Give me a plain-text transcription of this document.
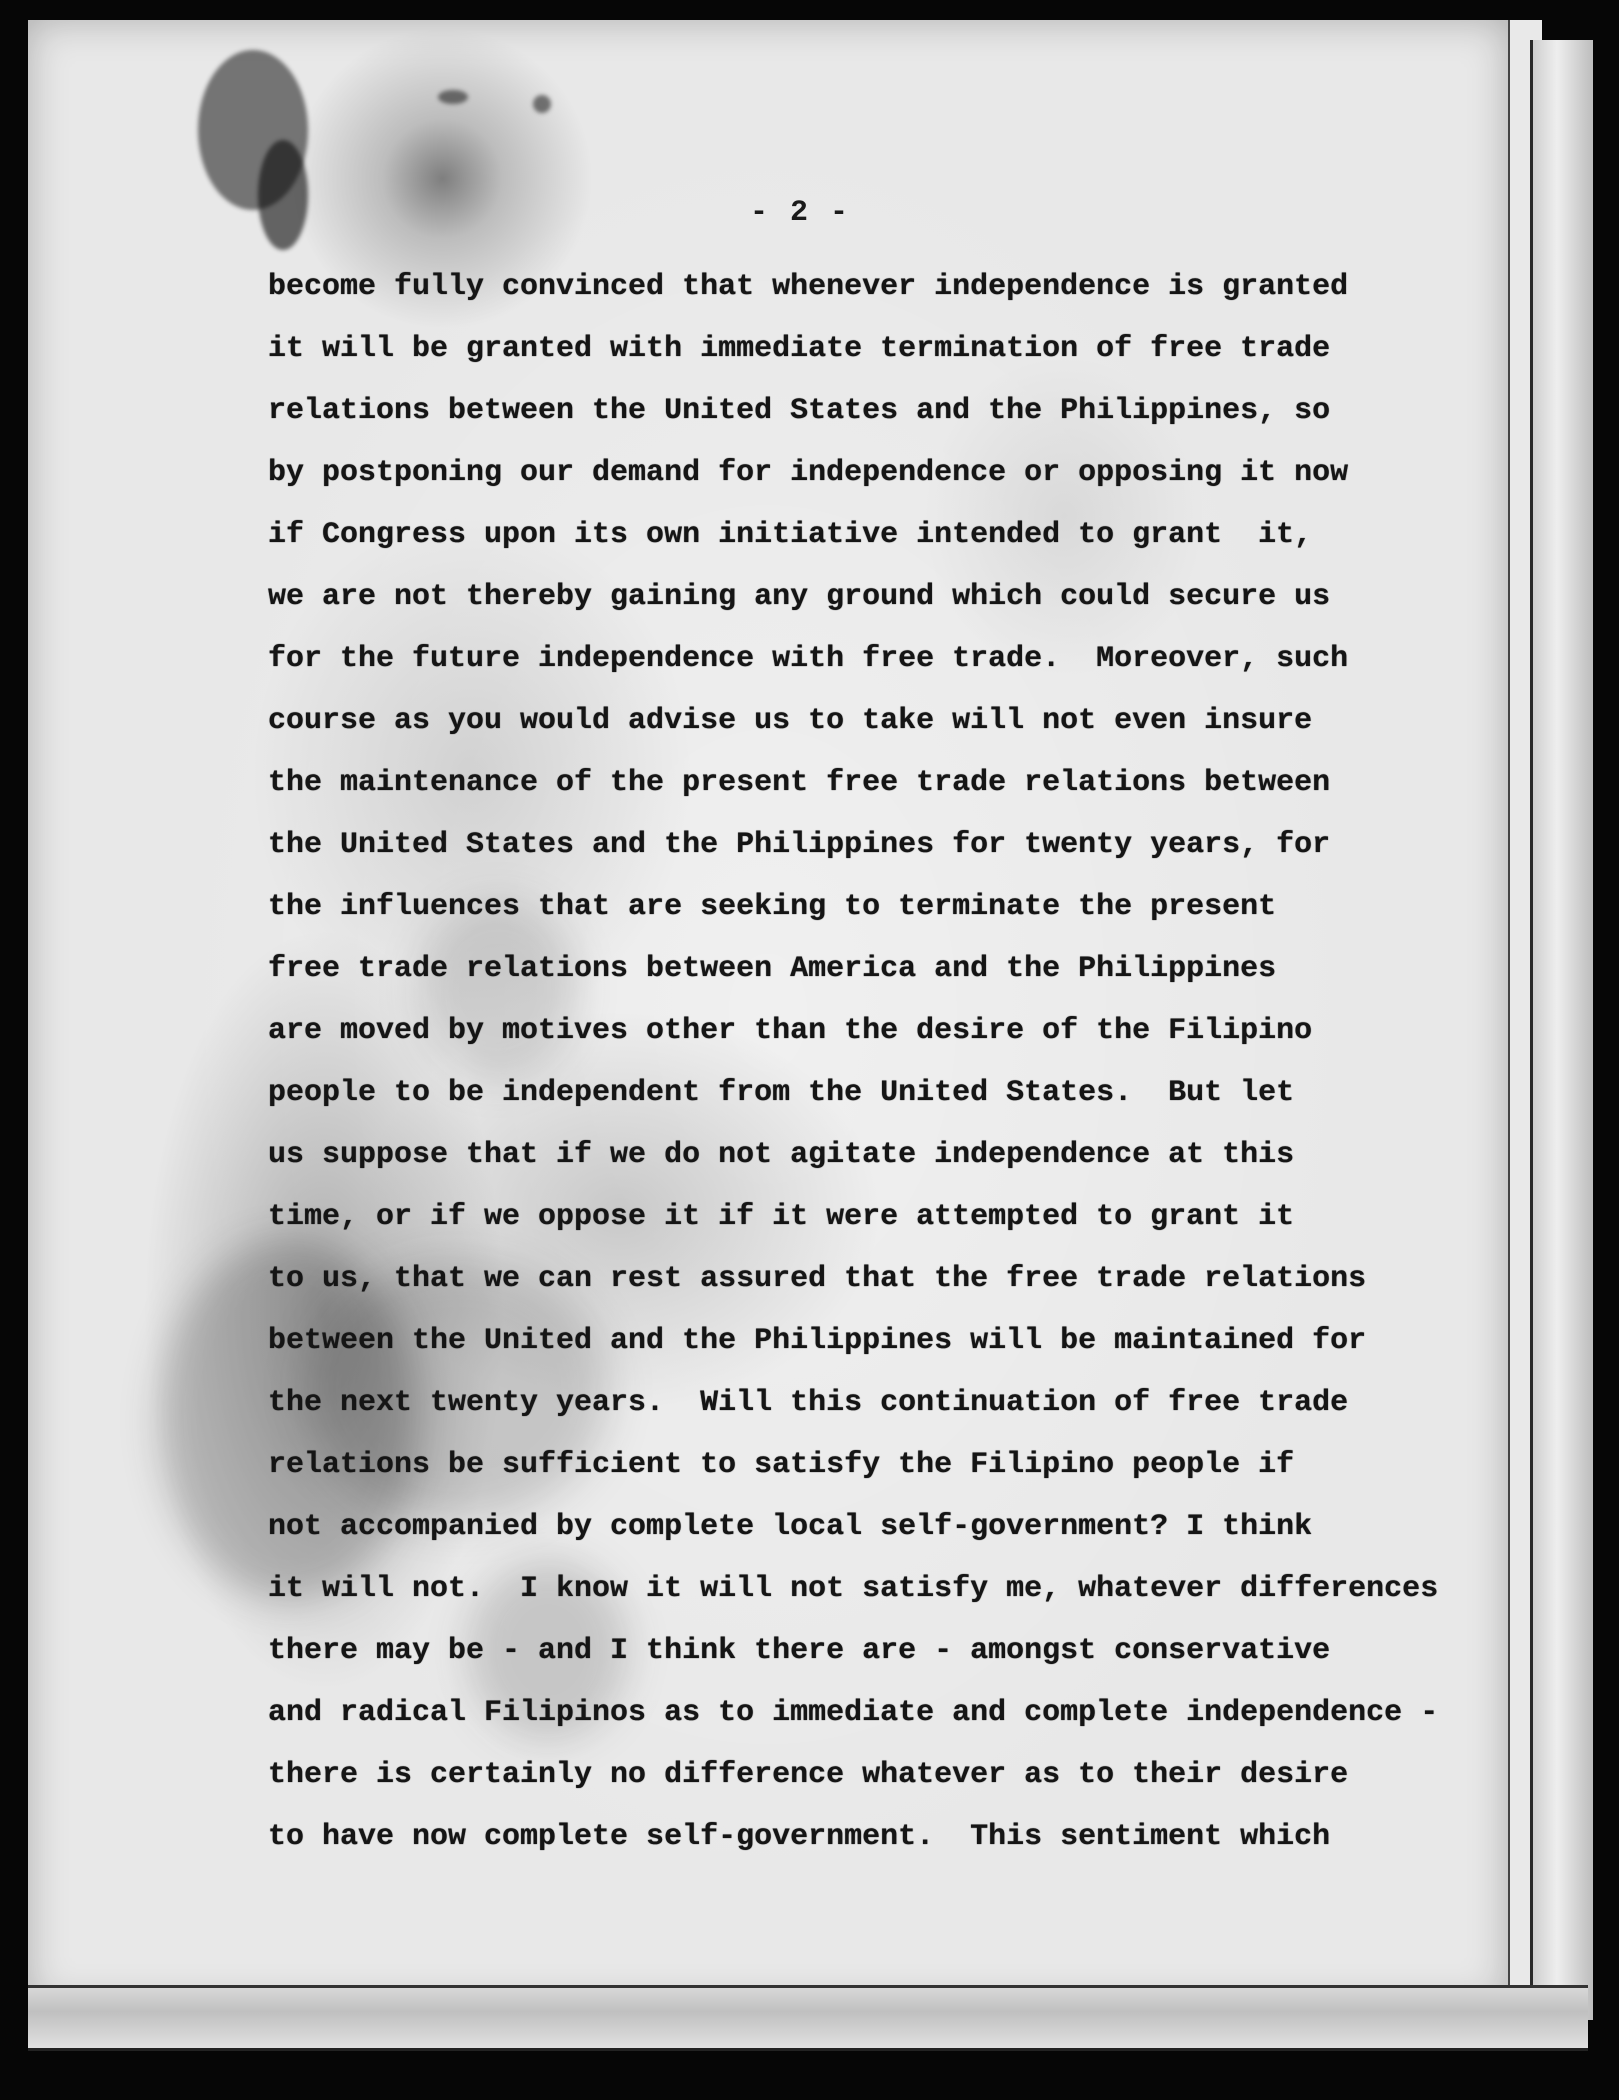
- 2 -
become fully convinced that whenever independence is granted
it will be granted with immediate termination of free trade
relations between the United States and the Philippines, so
by postponing our demand for independence or opposing it now
if Congress upon its own initiative intended to grant  it,
we are not thereby gaining any ground which could secure us
for the future independence with free trade.  Moreover, such
course as you would advise us to take will not even insure
the maintenance of the present free trade relations between
the United States and the Philippines for twenty years, for
the influences that are seeking to terminate the present
free trade relations between America and the Philippines
are moved by motives other than the desire of the Filipino
people to be independent from the United States.  But let
us suppose that if we do not agitate independence at this
time, or if we oppose it if it were attempted to grant it
to us, that we can rest assured that the free trade relations
between the United and the Philippines will be maintained for
the next twenty years.  Will this continuation of free trade
relations be sufficient to satisfy the Filipino people if
not accompanied by complete local self-government? I think
it will not.  I know it will not satisfy me, whatever differences
there may be - and I think there are - amongst conservative
and radical Filipinos as to immediate and complete independence -
there is certainly no difference whatever as to their desire
to have now complete self-government.  This sentiment which
